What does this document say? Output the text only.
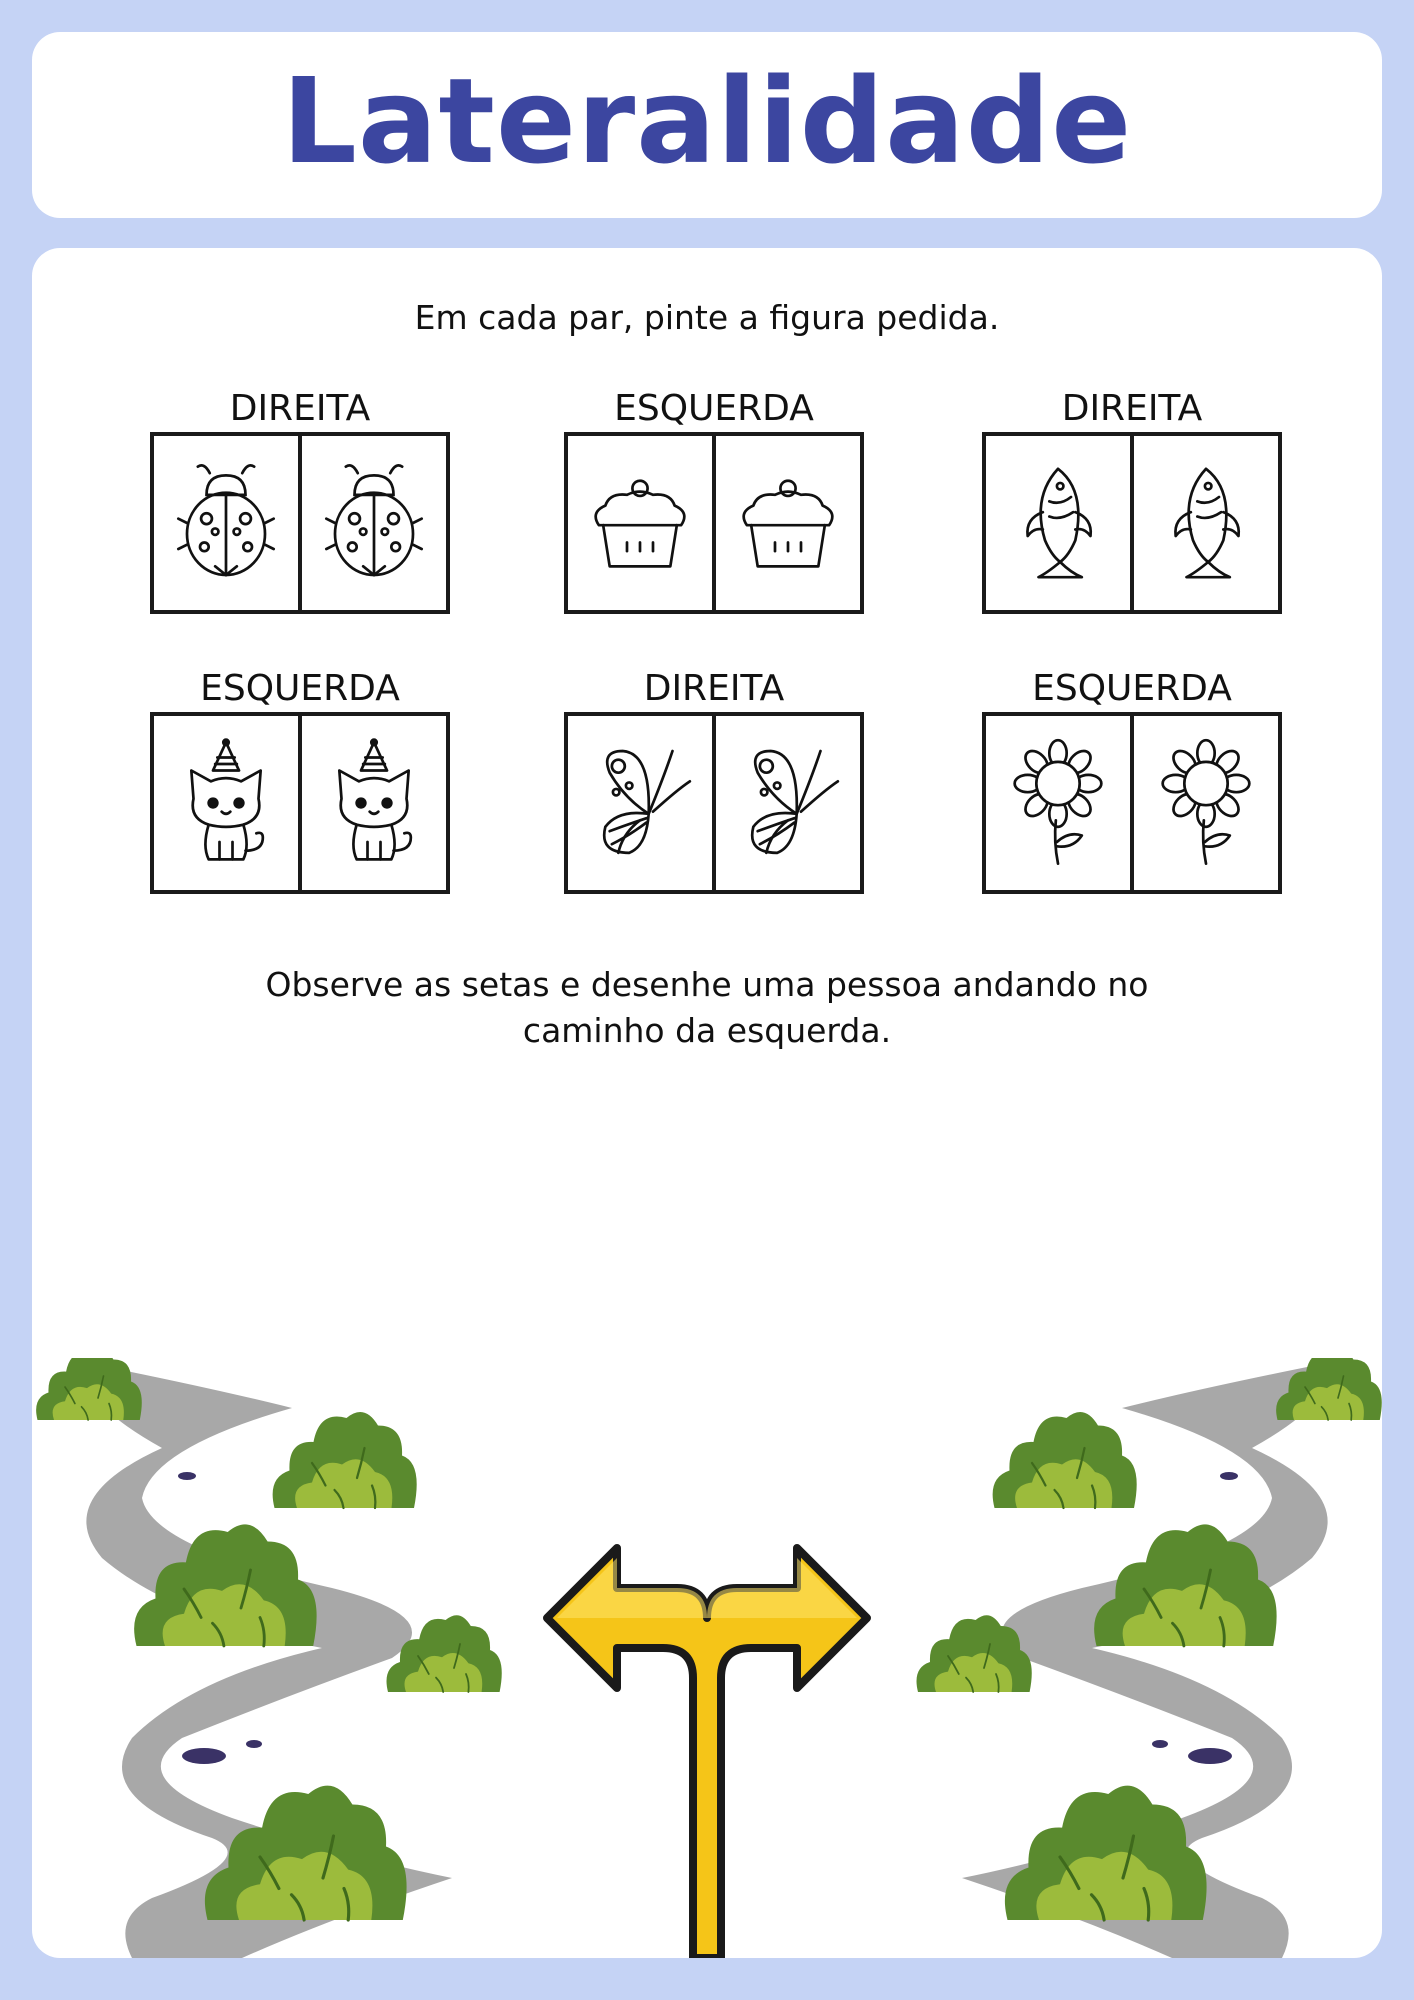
Lateralidade
Em cada par, pinte a figura pedida.
DIREITA	ESQUERDA	DIREITA
ESQUERDA	DIREITA	ESQUERDA
Observe as setas e desenhe uma pessoa andando no
caminho da esquerda.
